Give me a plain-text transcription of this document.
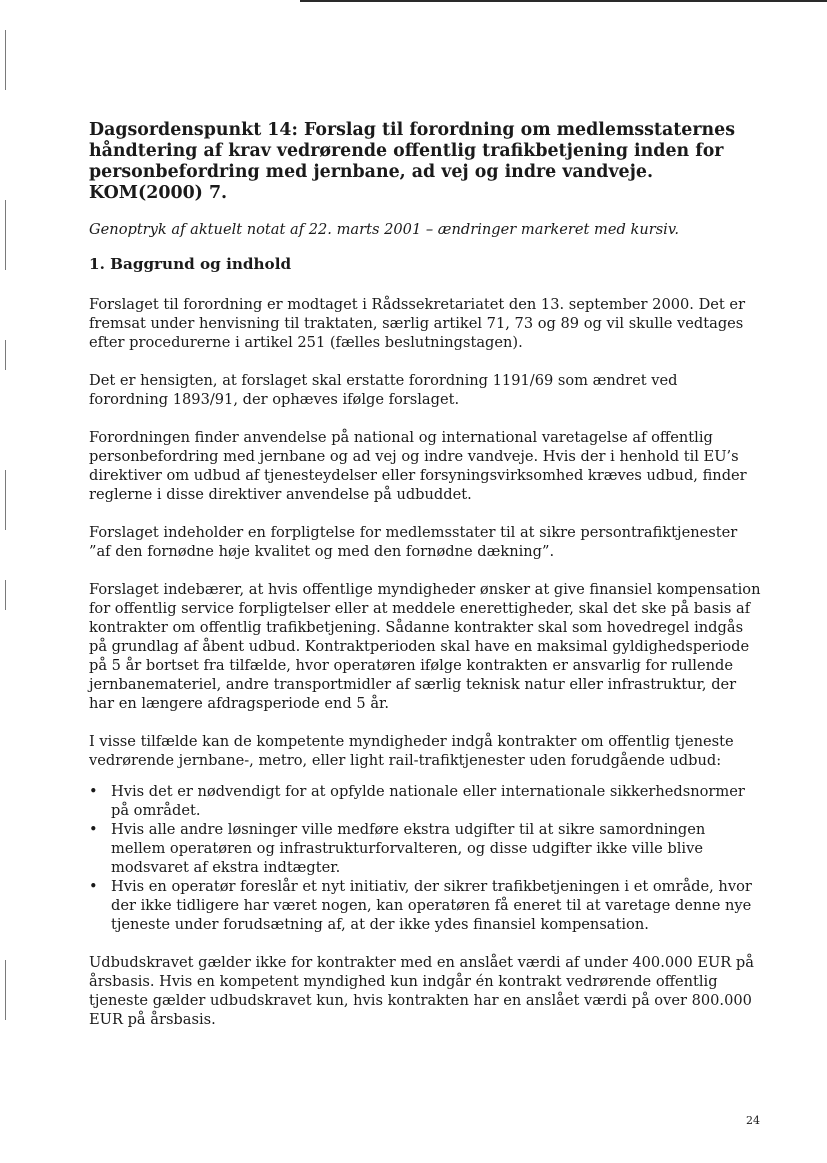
Dagsordenspunkt 14: Forslag til forordning om medlemsstaternes håndtering af krav vedrørende offentlig trafikbetjening inden for personbefordring med jernbane, ad vej og indre vandveje. KOM(2000) 7.

Genoptryk af aktuelt notat af 22. marts 2001 – ændringer markeret med kursiv.

1. Baggrund og indhold

Forslaget til forordning er modtaget i Rådssekretariatet den 13. september 2000. Det er fremsat under henvisning til traktaten, særlig artikel 71, 73 og 89 og vil skulle vedtages efter procedurerne i artikel 251 (fælles beslutningstagen).

Det er hensigten, at forslaget skal erstatte forordning 1191/69 som ændret ved forordning 1893/91, der ophæves ifølge forslaget.

Forordningen finder anvendelse på national og international varetagelse af offentlig personbefordring med jernbane og ad vej og indre vandveje. Hvis der i henhold til EU’s direktiver om udbud af tjenesteydelser eller forsyningsvirksomhed kræves udbud, finder reglerne i disse direktiver anvendelse på udbuddet.

Forslaget indeholder en forpligtelse for medlemsstater til at sikre persontrafiktjenester ”af den fornødne høje kvalitet og med den fornødne dækning”.

Forslaget indebærer, at hvis offentlige myndigheder ønsker at give finansiel kompensation for offentlig service forpligtelser eller at meddele enerettigheder, skal det ske på basis af kontrakter om offentlig trafikbetjening. Sådanne kontrakter skal som hovedregel indgås på grundlag af åbent udbud. Kontraktperioden skal have en maksimal gyldighedsperiode på 5 år bortset fra tilfælde, hvor operatøren ifølge kontrakten er ansvarlig for rullende jernbanemateriel, andre transportmidler af særlig teknisk natur eller infrastruktur, der har en længere afdragsperiode end 5 år.

I visse tilfælde kan de kompetente myndigheder indgå kontrakter om offentlig tjeneste vedrørende jernbane-, metro, eller light rail-trafiktjenester uden forudgående udbud:

• Hvis det er nødvendigt for at opfylde nationale eller internationale sikkerhedsnormer på området.
• Hvis alle andre løsninger ville medføre ekstra udgifter til at sikre samordningen mellem operatøren og infrastrukturforvalteren, og disse udgifter ikke ville blive modsvaret af ekstra indtægter.
• Hvis en operatør foreslår et nyt initiativ, der sikrer trafikbetjeningen i et område, hvor der ikke tidligere har været nogen, kan operatøren få eneret til at varetage denne nye tjeneste under forudsætning af, at der ikke ydes finansiel kompensation.

Udbudskravet gælder ikke for kontrakter med en anslået værdi af under 400.000 EUR på årsbasis. Hvis en kompetent myndighed kun indgår én kontrakt vedrørende offentlig tjeneste gælder udbudskravet kun, hvis kontrakten har en anslået værdi på over 800.000 EUR på årsbasis.

24
